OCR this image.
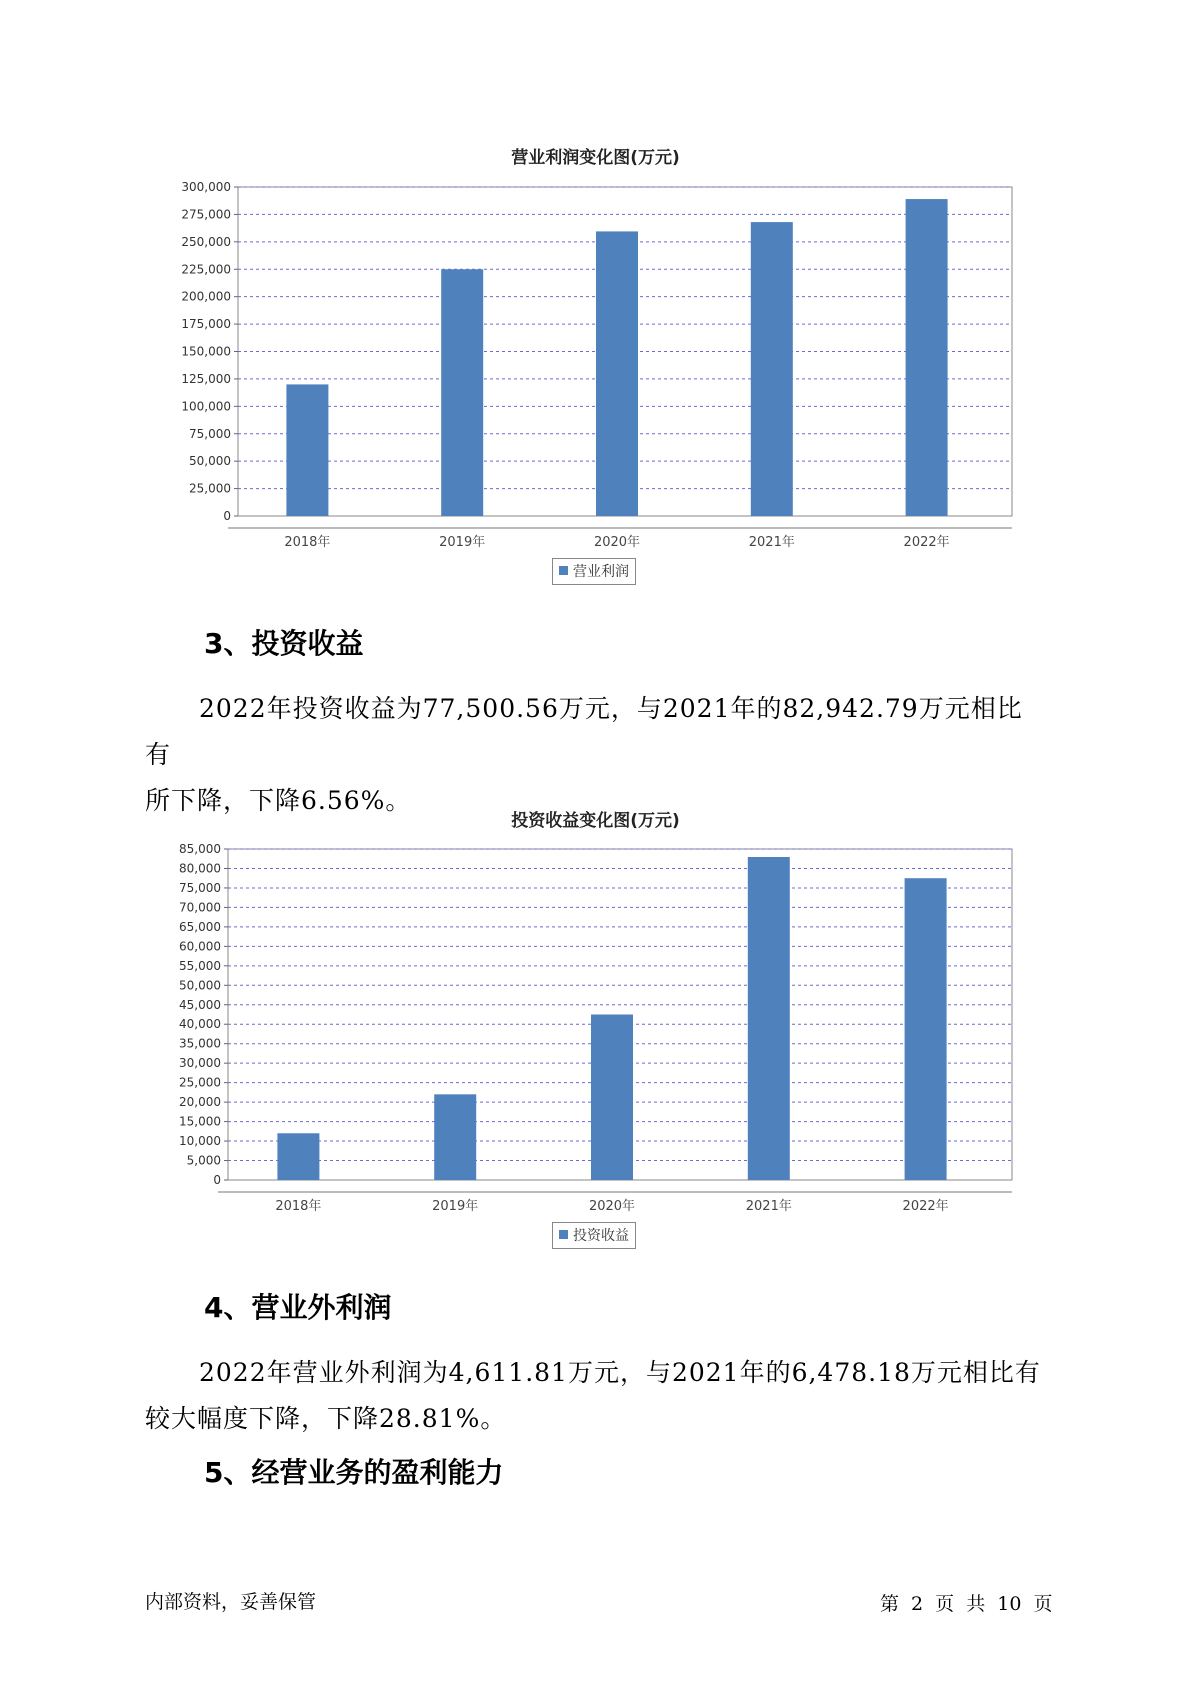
营业利润变化图(万元)
0
25,000
50,000
75,000
100,000
125,000
150,000
175,000
200,000
225,000
250,000
275,000
300,000
2018年	2019年	2020年	2021年	2022年
营业利润
3、投资收益
2022年投资收益为77,500.56万元，与2021年的82,942.79万元相比有
所下降，下降6.56%。
投资收益变化图(万元)
0
5,000
10,000
15,000
20,000
25,000
30,000
35,000
40,000
45,000
50,000
55,000
60,000
65,000
70,000
75,000
80,000
85,000
2018年	2019年	2020年	2021年	2022年
投资收益
4、营业外利润
2022年营业外利润为4,611.81万元，与2021年的6,478.18万元相比有
较大幅度下降，下降28.81%。
5、经营业务的盈利能力
内部资料，妥善保管	第 2 页 共 10 页
